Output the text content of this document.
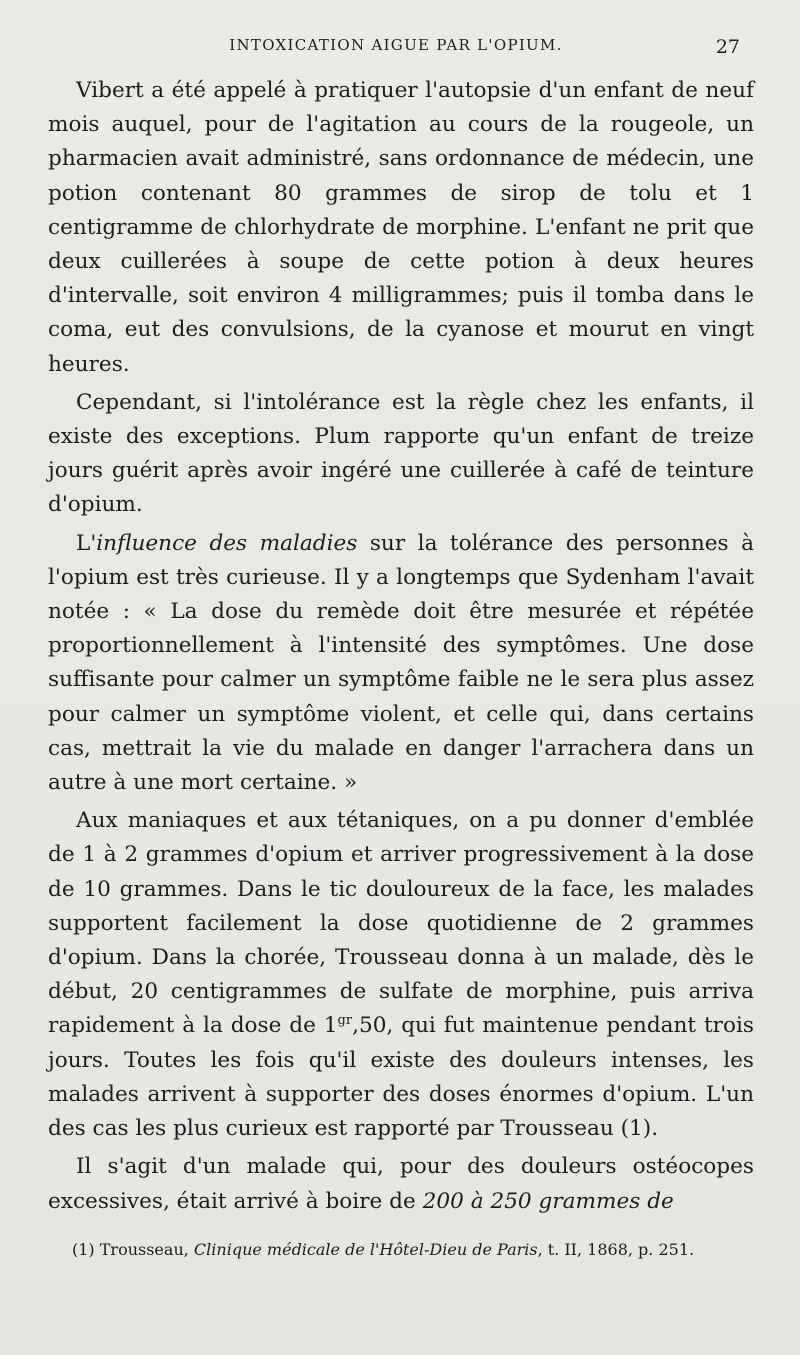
INTOXICATION AIGUE PAR L'OPIUM.	27

Vibert a été appelé à pratiquer l'autopsie d'un enfant de neuf mois auquel, pour de l'agitation au cours de la rougeole, un pharmacien avait administré, sans ordonnance de médecin, une potion contenant 80 grammes de sirop de tolu et 1 centigramme de chlorhydrate de morphine. L'enfant ne prit que deux cuillerées à soupe de cette potion à deux heures d'intervalle, soit environ 4 milligrammes; puis il tomba dans le coma, eut des convulsions, de la cyanose et mourut en vingt heures.

Cependant, si l'intolérance est la règle chez les enfants, il existe des exceptions. Plum rapporte qu'un enfant de treize jours guérit après avoir ingéré une cuillerée à café de teinture d'opium.

L'influence des maladies sur la tolérance des personnes à l'opium est très curieuse. Il y a longtemps que Sydenham l'avait notée : « La dose du remède doit être mesurée et répétée proportionnellement à l'intensité des symptômes. Une dose suffisante pour calmer un symptôme faible ne le sera plus assez pour calmer un symptôme violent, et celle qui, dans certains cas, mettrait la vie du malade en danger l'arrachera dans un autre à une mort certaine. »

Aux maniaques et aux tétaniques, on a pu donner d'emblée de 1 à 2 grammes d'opium et arriver progressivement à la dose de 10 grammes. Dans le tic douloureux de la face, les malades supportent facilement la dose quotidienne de 2 grammes d'opium. Dans la chorée, Trousseau donna à un malade, dès le début, 20 centigrammes de sulfate de morphine, puis arriva rapidement à la dose de $1^{gr},50$, qui fut maintenue pendant trois jours. Toutes les fois qu'il existe des douleurs intenses, les malades arrivent à supporter des doses énormes d'opium. L'un des cas les plus curieux est rapporté par Trousseau (1).

Il s'agit d'un malade qui, pour des douleurs ostéocopes excessives, était arrivé à boire de 200 à 250 grammes de

(1) Trousseau, Clinique médicale de l'Hôtel-Dieu de Paris, t. II, 1868, p. 251.
